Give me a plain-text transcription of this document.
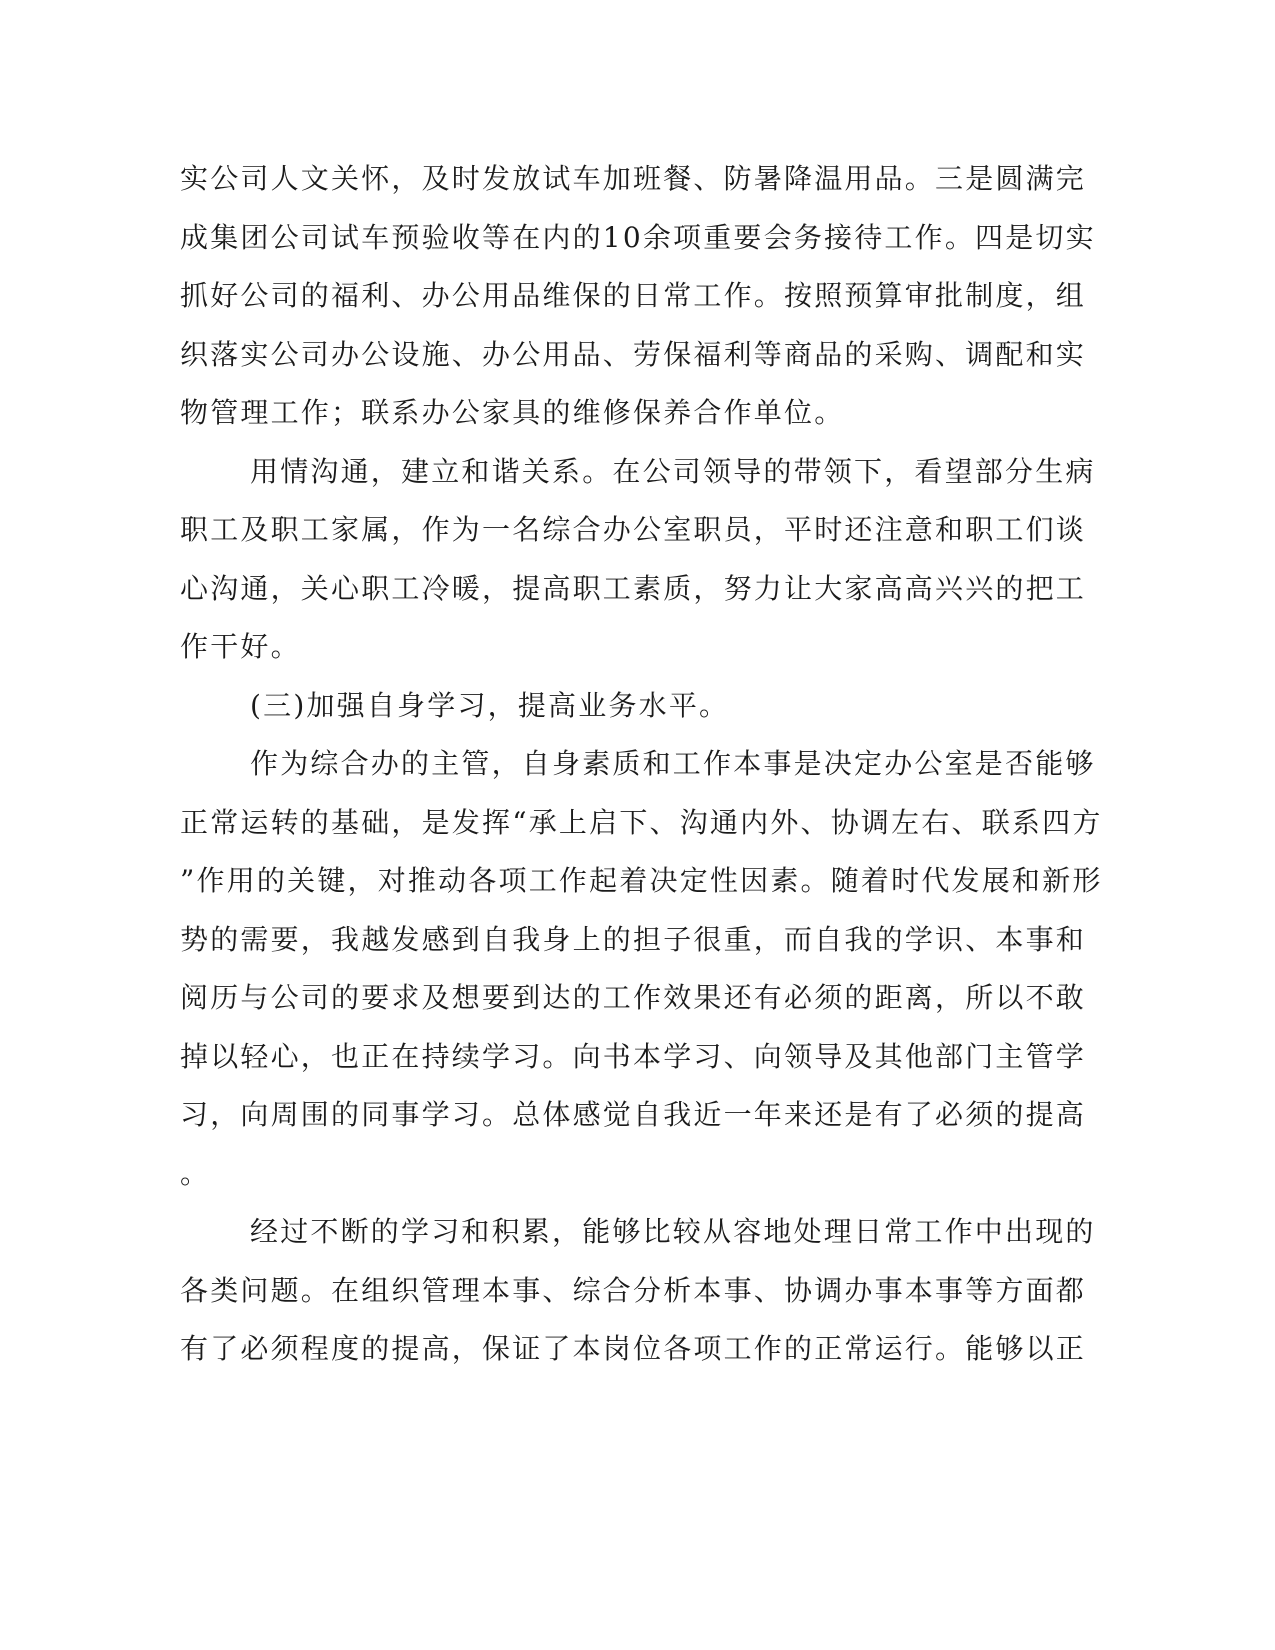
实公司人文关怀，及时发放试车加班餐、防暑降温用品。三是圆满完
成集团公司试车预验收等在内的10余项重要会务接待工作。四是切实
抓好公司的福利、办公用品维保的日常工作。按照预算审批制度，组
织落实公司办公设施、办公用品、劳保福利等商品的采购、调配和实
物管理工作；联系办公家具的维修保养合作单位。
用情沟通，建立和谐关系。在公司领导的带领下，看望部分生病
职工及职工家属，作为一名综合办公室职员，平时还注意和职工们谈
心沟通，关心职工冷暖，提高职工素质，努力让大家高高兴兴的把工
作干好。
(三)加强自身学习，提高业务水平。
作为综合办的主管，自身素质和工作本事是决定办公室是否能够
正常运转的基础，是发挥“承上启下、沟通内外、协调左右、联系四方
”作用的关键，对推动各项工作起着决定性因素。随着时代发展和新形
势的需要，我越发感到自我身上的担子很重，而自我的学识、本事和
阅历与公司的要求及想要到达的工作效果还有必须的距离，所以不敢
掉以轻心，也正在持续学习。向书本学习、向领导及其他部门主管学
习，向周围的同事学习。总体感觉自我近一年来还是有了必须的提高
。
经过不断的学习和积累，能够比较从容地处理日常工作中出现的
各类问题。在组织管理本事、综合分析本事、协调办事本事等方面都
有了必须程度的提高，保证了本岗位各项工作的正常运行。能够以正
